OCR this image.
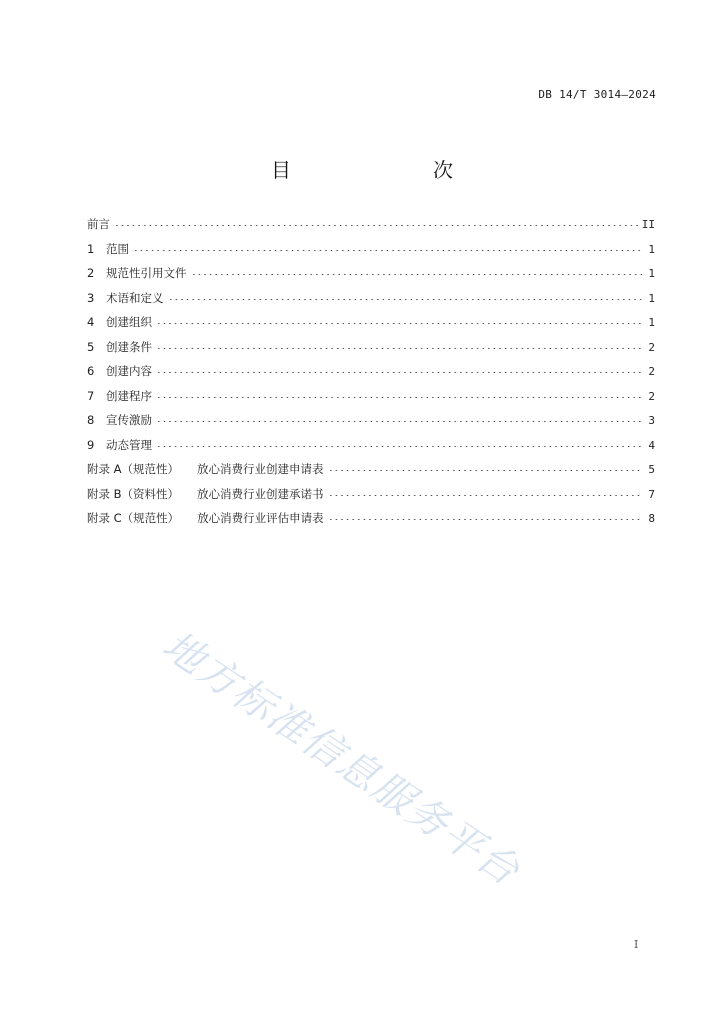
DB 14/T 3014—2024
目　　次
前言	II
1	范围	1
2	规范性引用文件	1
3	术语和定义	1
4	创建组织	1
5	创建条件	2
6	创建内容	2
7	创建程序	2
8	宣传激励	3
9	动态管理	4
附录 A（规范性） 放心消费行业创建申请表	5
附录 B（资料性） 放心消费行业创建承诺书	7
附录 C（规范性） 放心消费行业评估申请表	8
地方标准信息服务平台
I
